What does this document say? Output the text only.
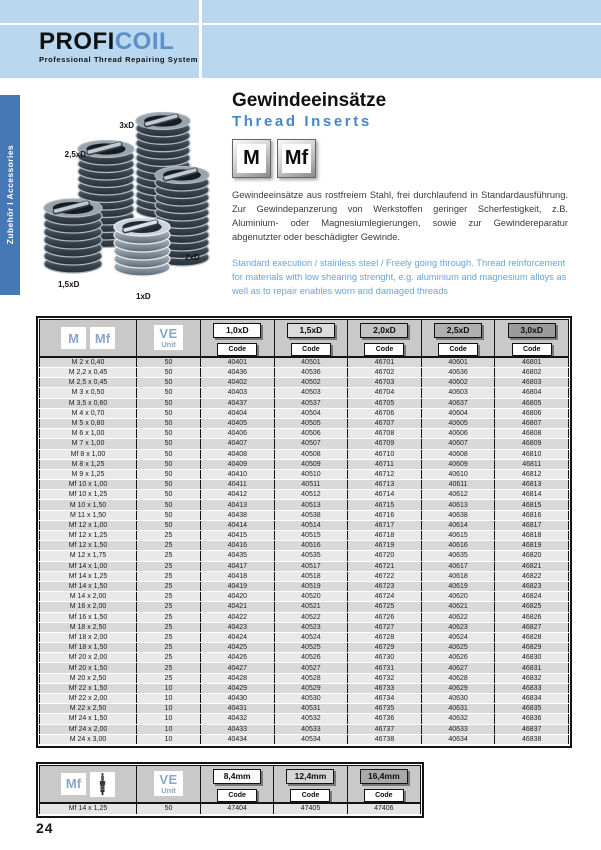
PROFICOIL
Professional Thread Repairing System
Zubehör I Accessories
3xD
2,5xD
2xD
1,5xD
1xD
Gewindeeinsätze
Thread Inserts
M	Mf

Gewindeeinsätze aus rostfreiem Stahl, frei durchlaufend in Standardausführung. Zur Gewindepanzerung von Werkstoffen geringer Scherfestigkeit, z.B. Aluminium- oder Magnesiumlegierungen, sowie zur Gewindereparatur abgenutzter oder beschädigter Gewinde.

Standard execution / stainless steel / Freely going through. Thread reinforcement for materials with low shearing strenght, e.g. aluminium and magnesium alloys as well as to repair enables worn and damaged threads

M Mf	VE
Unit

1,0xD
Code

1,5xD
Code

2,0xD
Code

2,5xD
Code

3,0xD
Code

M 2 x 0,40	50	40401	40501	46701	40601	46801
M 2,2 x 0,45	50	40436	40536	46702	40636	46802
M 2,5 x 0,45	50	40402	40502	46703	40602	46803
M 3 x 0,50	50	40403	40503	46704	40603	46804
M 3,5 x 0,60	50	40437	40537	46705	40637	46805
M 4 x 0,70	50	40404	40504	46706	40604	46806
M 5 x 0,80	50	40405	40505	46707	40605	46807
M 6 x 1,00	50	40406	40506	46708	40606	46808
M 7 x 1,00	50	40407	40507	46709	40607	46809
Mf 8 x 1,00	50	40408	40508	46710	40608	46810
M 8 x 1,25	50	40409	40509	46711	40609	46811
M 9 x 1,25	50	40410	40510	46712	40610	46812
Mf 10 x 1,00	50	40411	40511	46713	40611	46813
Mf 10 x 1,25	50	40412	40512	46714	40612	46814
M 10 x 1,50	50	40413	40513	46715	40613	46815
M 11 x 1,50	50	40438	40538	46716	40638	46816
Mf 12 x 1,00	50	40414	40514	46717	40614	46817
Mf 12 x 1,25	25	40415	40515	46718	40615	46818
Mf 12 x 1,50	25	40416	40516	46719	40616	46819
M 12 x 1,75	25	40435	40535	46720	40635	46820
Mf 14 x 1,00	25	40417	40517	46721	40617	46821
Mf 14 x 1,25	25	40418	40518	46722	40618	46822
Mf 14 x 1,50	25	40419	40519	46723	40619	46823
M 14 x 2,00	25	40420	40520	46724	40620	46824
M 16 x 2,00	25	40421	40521	46725	40621	46825
Mf 16 x 1,50	25	40422	40522	46726	40622	46826
M 18 x 2,50	25	40423	40523	46727	40623	46827
Mf 18 x 2,00	25	40424	40524	46728	40624	46828
Mf 18 x 1,50	25	40425	40525	46729	40625	46829
Mf 20 x 2,00	25	40426	40526	46730	40626	46830
Mf 20 x 1,50	25	40427	40527	46731	40627	46831
M 20 x 2,50	25	40428	40528	46732	40628	46832
Mf 22 x 1,50	10	40429	40529	46733	40629	46833
Mf 22 x 2,00	10	40430	40530	46734	40630	46834
M 22 x 2,50	10	40431	40531	46735	40631	46835
Mf 24 x 1,50	10	40432	40532	46736	40632	46836
Mf 24 x 2,00	10	40433	40533	46737	40633	46837
M 24 x 3,00	10	40434	40534	46738	40634	46838
Mf	VE
Unit

8,4mm
Code

12,4mm
Code

16,4mm
Code

Mf 14 x 1,25	50	47404	47405	47406
24
